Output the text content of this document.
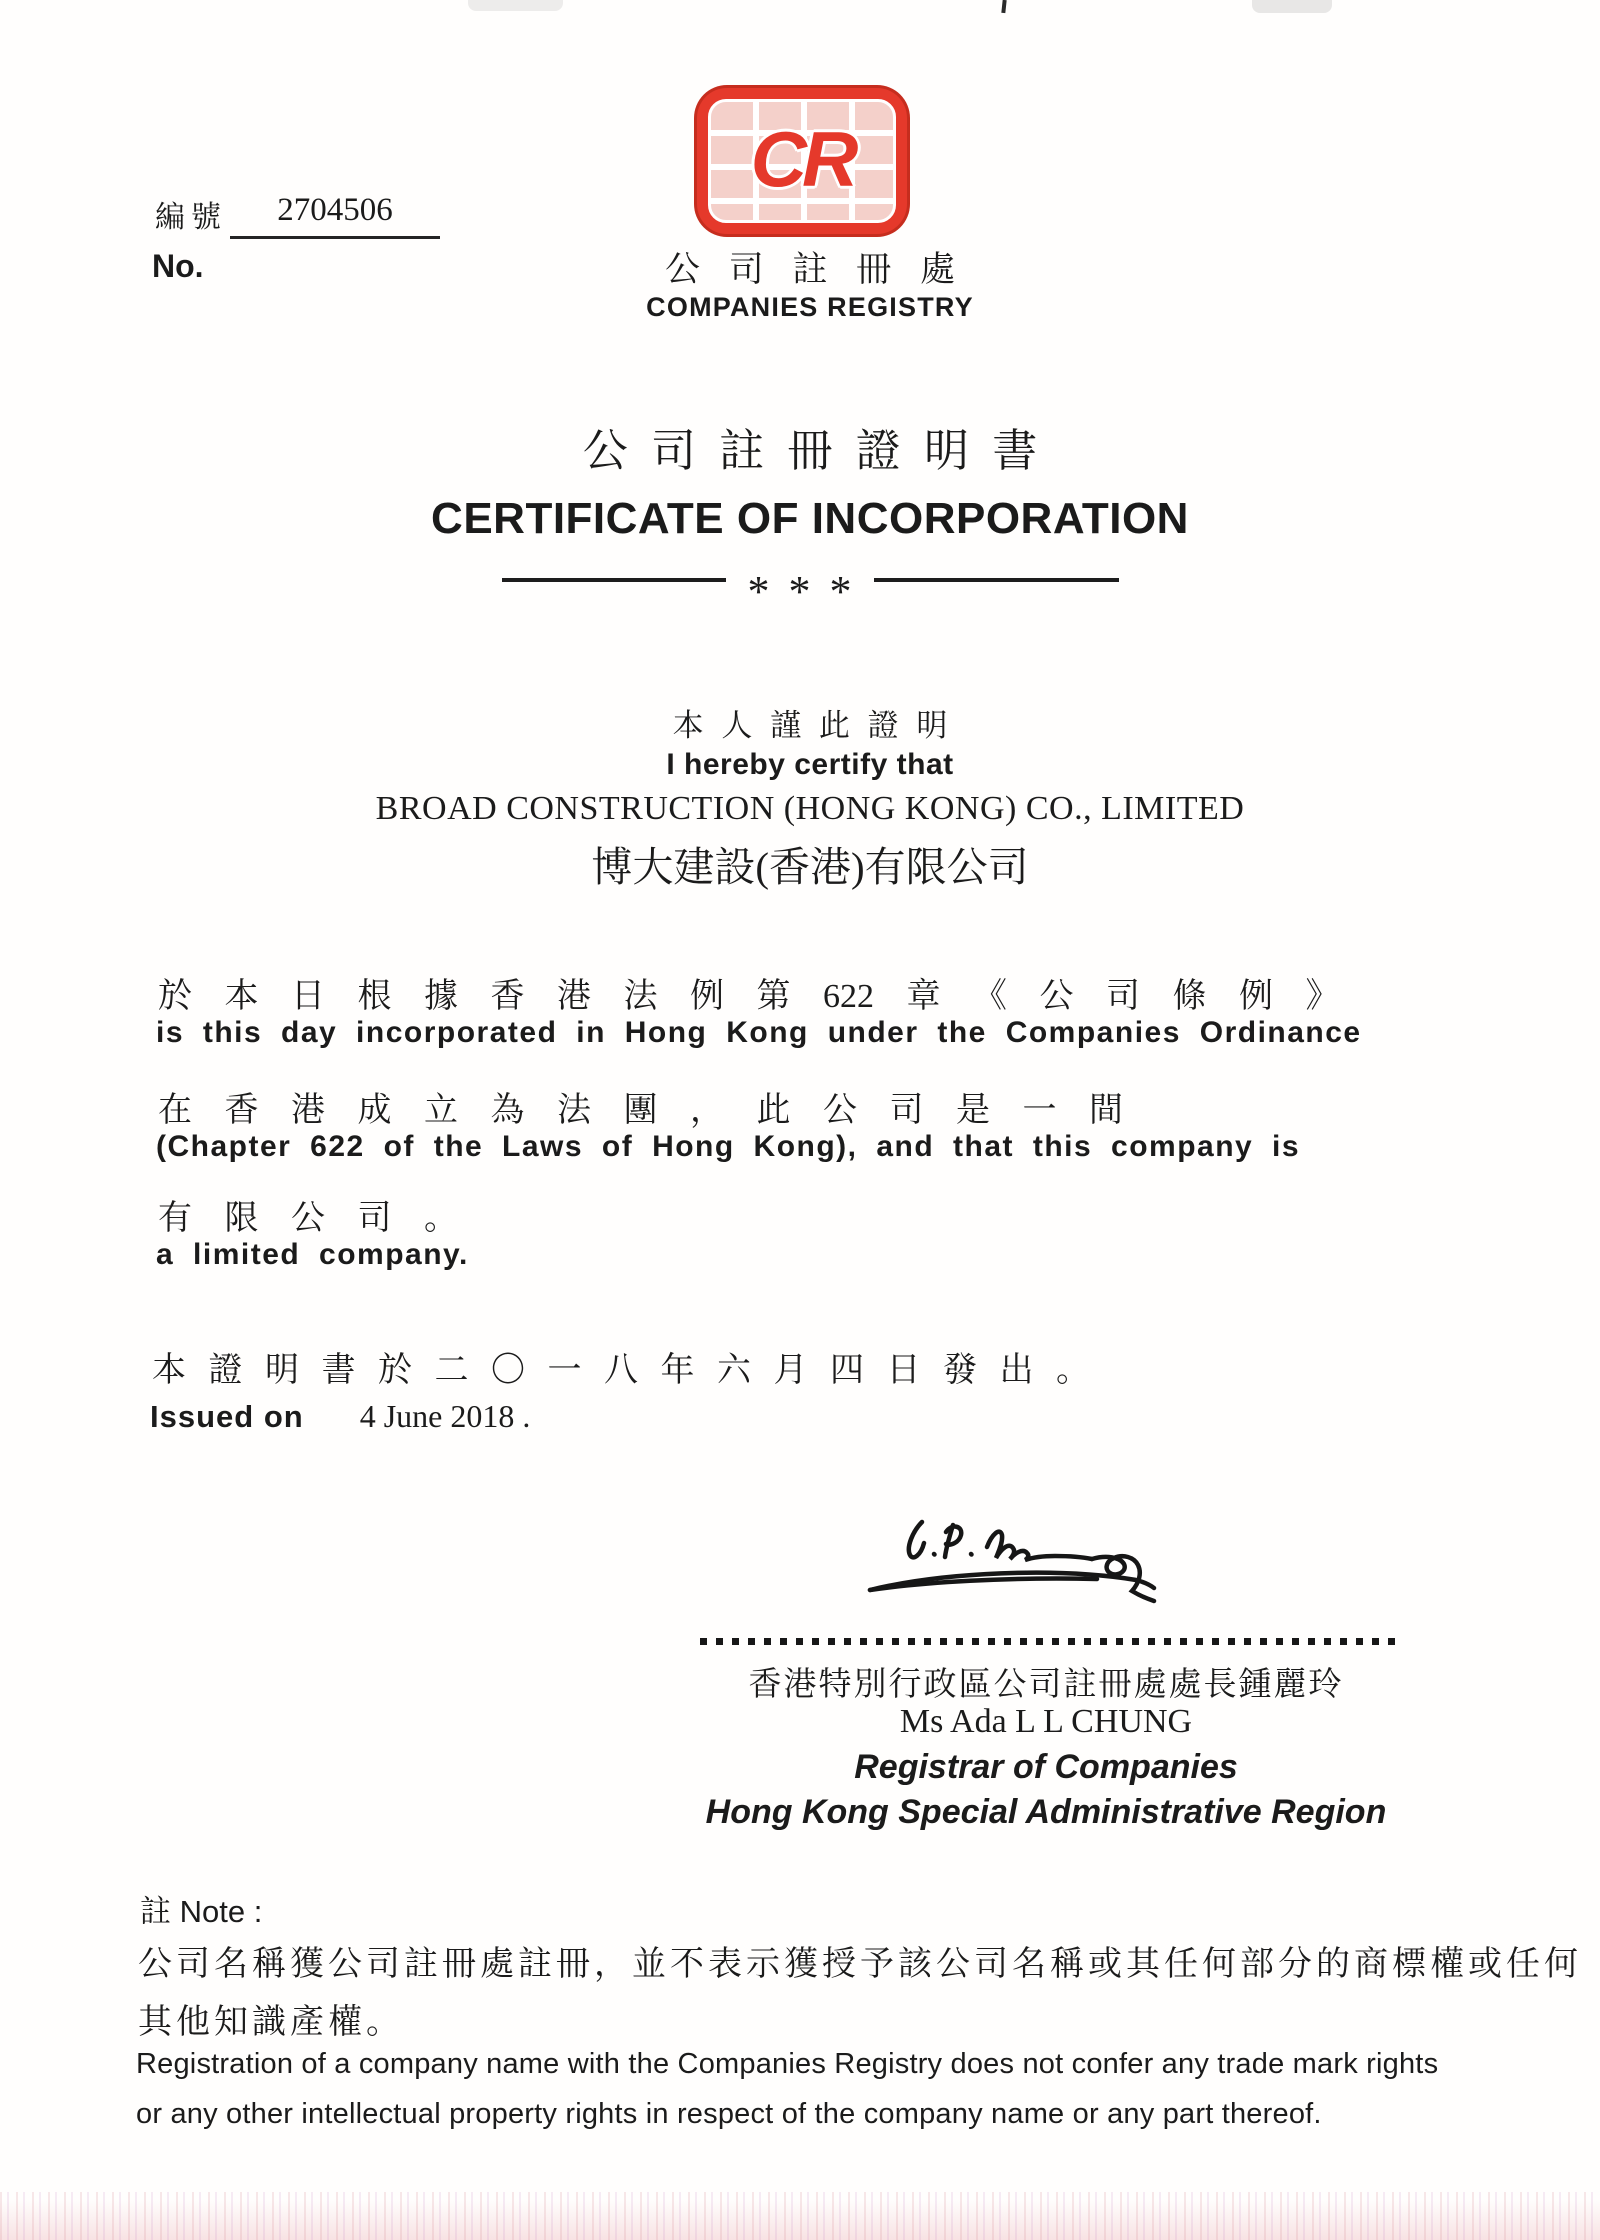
編號	2704506
No.
CR
公 司 註 冊 處
COMPANIES REGISTRY
公 司 註 冊 證 明 書
CERTIFICATE OF INCORPORATION
* * *
本 人 謹 此 證 明
I hereby certify that
BROAD CONSTRUCTION (HONG KONG) CO., LIMITED
博大建設(香港)有限公司
於 本 日 根 據 香 港 法 例 第 622 章 《 公 司 條 例 》
is this day incorporated in Hong Kong under the Companies Ordinance
在 香 港 成 立 為 法 團 ， 此 公 司 是 一 間
(Chapter 622 of the Laws of Hong Kong), and that this company is
有 限 公 司 。
a limited company.
本 證 明 書 於 二 〇 一 八 年 六 月 四 日 發 出 。
Issued on 4 June 2018 .
香港特別行政區公司註冊處處長鍾麗玲
Ms Ada L L CHUNG
Registrar of Companies
Hong Kong Special Administrative Region
註 Note :
公司名稱獲公司註冊處註冊，並不表示獲授予該公司名稱或其任何部分的商標權或任何
其他知識產權。
Registration of a company name with the Companies Registry does not confer any trade mark rights
or any other intellectual property rights in respect of the company name or any part thereof.
